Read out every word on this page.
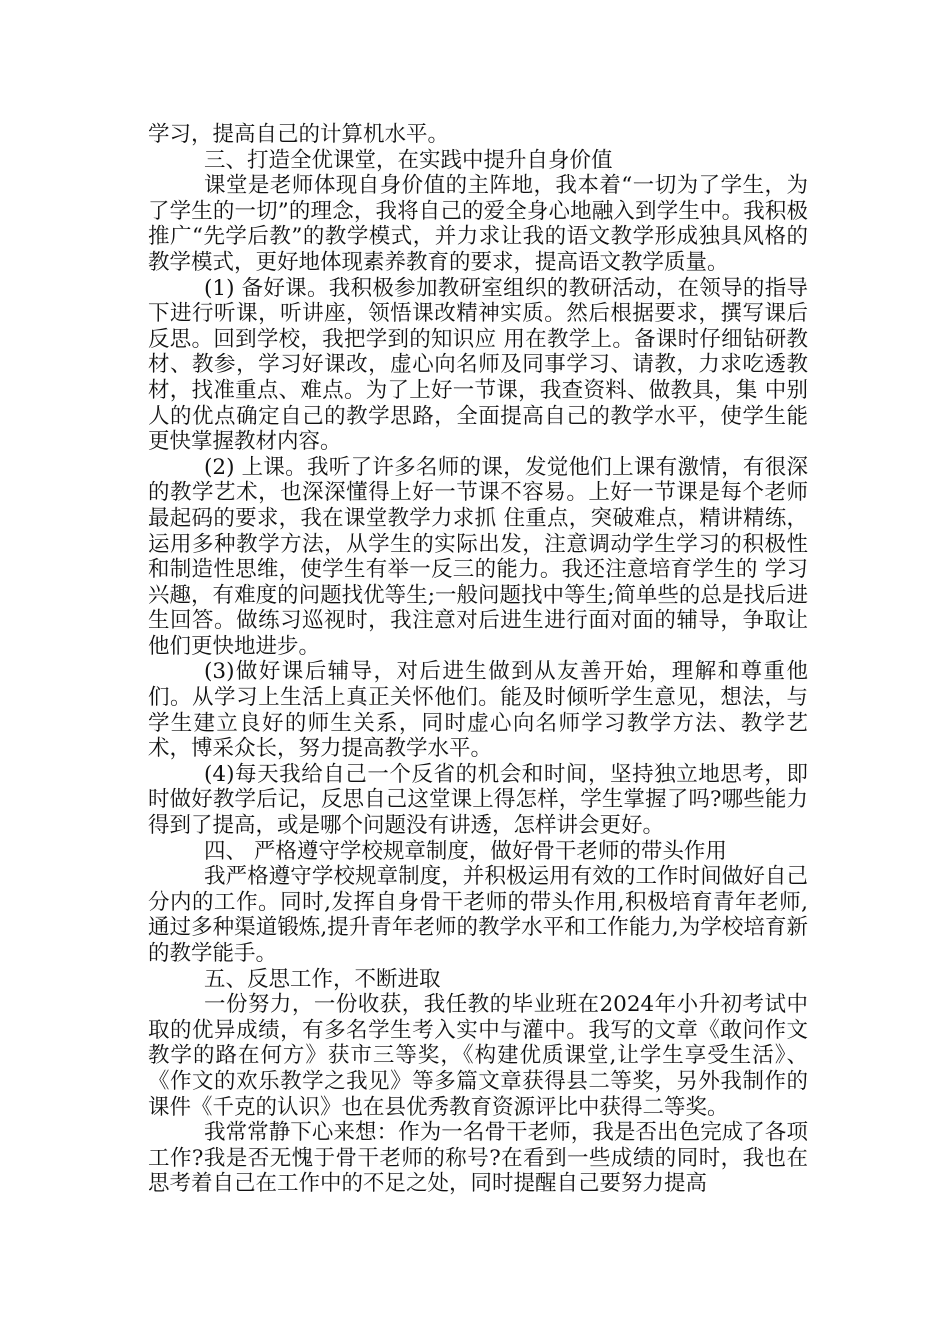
学习，提高自己的计算机水平。

三、打造全优课堂，在实践中提升自身价值

课堂是老师体现自身价值的主阵地，我本着“一切为了学生，为了学生的一切”的理念，我将自己的爱全身心地融入到学生中。我积极推广“先学后教”的教学模式，并力求让我的语文教学形成独具风格的教学模式，更好地体现素养教育的要求，提高语文教学质量。

(1) 备好课。我积极参加教研室组织的教研活动，在领导的指导下进行听课，听讲座，领悟课改精神实质。然后根据要求，撰写课后反思。回到学校，我把学到的知识应 用在教学上。备课时仔细钻研教材、教参，学习好课改，虚心向名师及同事学习、请教，力求吃透教材，找准重点、难点。为了上好一节课，我查资料、做教具，集 中别人的优点确定自己的教学思路，全面提高自己的教学水平，使学生能更快掌握教材内容。

(2) 上课。我听了许多名师的课，发觉他们上课有激情，有很深的教学艺术，也深深懂得上好一节课不容易。上好一节课是每个老师最起码的要求，我在课堂教学力求抓 住重点，突破难点，精讲精练，运用多种教学方法，从学生的实际出发，注意调动学生学习的积极性和制造性思维，使学生有举一反三的能力。我还注意培育学生的 学习兴趣，有难度的问题找优等生;一般问题找中等生;简单些的总是找后进生回答。做练习巡视时，我注意对后进生进行面对面的辅导，争取让他们更快地进步。

(3)做好课后辅导，对后进生做到从友善开始，理解和尊重他们。从学习上生活上真正关怀他们。能及时倾听学生意见，想法，与学生建立良好的师生关系，同时虚心向名师学习教学方法、教学艺术，博采众长，努力提高教学水平。

(4)每天我给自己一个反省的机会和时间，坚持独立地思考，即时做好教学后记，反思自己这堂课上得怎样，学生掌握了吗?哪些能力得到了提高，或是哪个问题没有讲透，怎样讲会更好。

四、 严格遵守学校规章制度，做好骨干老师的带头作用

我严格遵守学校规章制度，并积极运用有效的工作时间做好自己分内的工作。同时,发挥自身骨干老师的带头作用,积极培育青年老师,通过多种渠道锻炼,提升青年老师的教学水平和工作能力,为学校培育新的教学能手。

五、反思工作，不断进取

一份努力，一份收获，我任教的毕业班在2024年小升初考试中取的优异成绩，有多名学生考入实中与灌中。我写的文章《敢问作文教学的路在何方》获市三等奖，《构建优质课堂,让学生享受生活》、《作文的欢乐教学之我见》等多篇文章获得县二等奖，另外我制作的课件《千克的认识》也在县优秀教育资源评比中获得二等奖。

我常常静下心来想：作为一名骨干老师，我是否出色完成了各项工作?我是否无愧于骨干老师的称号?在看到一些成绩的同时，我也在思考着自己在工作中的不足之处，同时提醒自己要努力提高
